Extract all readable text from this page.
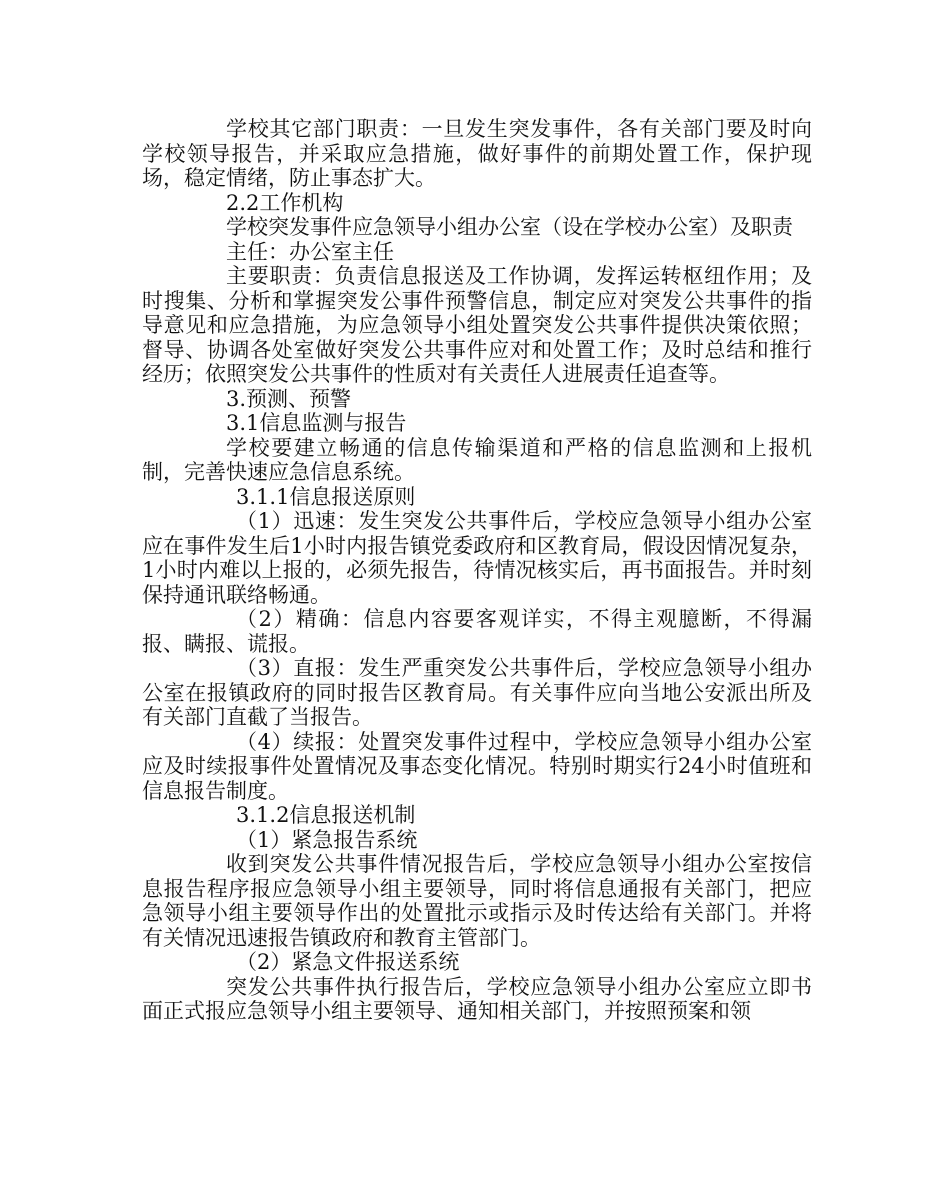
学校其它部门职责：一旦发生突发事件，各有关部门要及时向学校领导报告，并采取应急措施，做好事件的前期处置工作，保护现场，稳定情绪，防止事态扩大。

2.2工作机构

学校突发事件应急领导小组办公室（设在学校办公室）及职责

主任：办公室主任

主要职责：负责信息报送及工作协调，发挥运转枢纽作用；及时搜集、分析和掌握突发公事件预警信息，制定应对突发公共事件的指导意见和应急措施，为应急领导小组处置突发公共事件提供决策依照；督导、协调各处室做好突发公共事件应对和处置工作；及时总结和推行经历；依照突发公共事件的性质对有关责任人进展责任追查等。

3.预测、预警

3.1信息监测与报告

学校要建立畅通的信息传输渠道和严格的信息监测和上报机制，完善快速应急信息系统。

3.1.1信息报送原则

（1）迅速：发生突发公共事件后，学校应急领导小组办公室应在事件发生后1小时内报告镇党委政府和区教育局，假设因情况复杂，1小时内难以上报的，必须先报告，待情况核实后，再书面报告。并时刻保持通讯联络畅通。

（2）精确：信息内容要客观详实，不得主观臆断，不得漏报、瞒报、谎报。

（3）直报：发生严重突发公共事件后，学校应急领导小组办公室在报镇政府的同时报告区教育局。有关事件应向当地公安派出所及有关部门直截了当报告。

（4）续报：处置突发事件过程中，学校应急领导小组办公室应及时续报事件处置情况及事态变化情况。特别时期实行24小时值班和信息报告制度。

3.1.2信息报送机制

（1）紧急报告系统

收到突发公共事件情况报告后，学校应急领导小组办公室按信息报告程序报应急领导小组主要领导，同时将信息通报有关部门，把应急领导小组主要领导作出的处置批示或指示及时传达给有关部门。并将有关情况迅速报告镇政府和教育主管部门。

（2）紧急文件报送系统

突发公共事件执行报告后，学校应急领导小组办公室应立即书面正式报应急领导小组主要领导、通知相关部门，并按照预案和领
